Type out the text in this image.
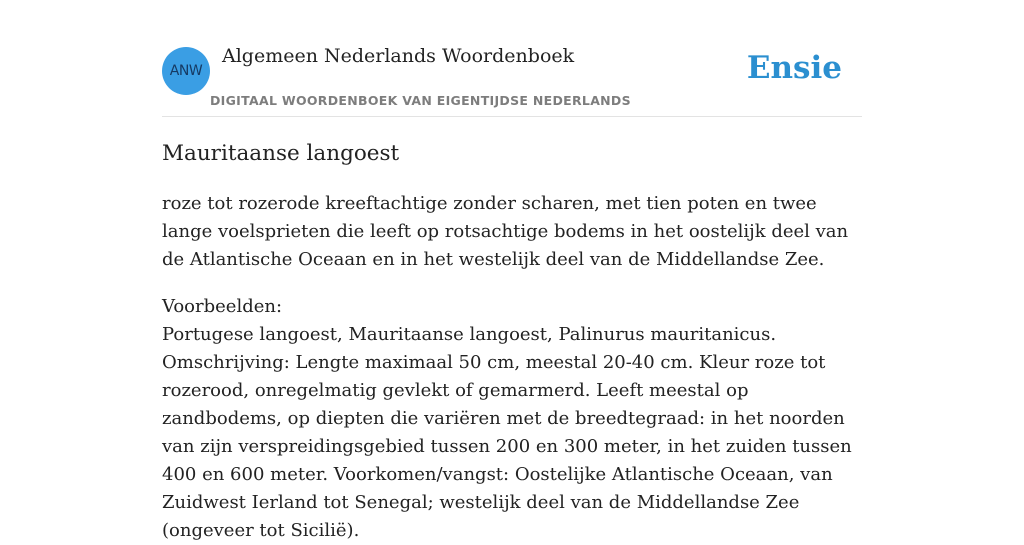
ANW
Algemeen Nederlands Woordenboek
DIGITAAL WOORDENBOEK VAN EIGENTIJDSE NEDERLANDS
Ensie
Mauritaanse langoest

roze tot rozerode kreeftachtige zonder scharen, met tien poten en twee lange voelsprieten die leeft op rotsachtige bodems in het oostelijk deel van de Atlantische Oceaan en in het westelijk deel van de Middellandse Zee.

Voorbeelden:
Portugese langoest, Mauritaanse langoest, Palinurus mauritanicus. Omschrijving: Lengte maximaal 50 cm, meestal 20-40 cm. Kleur roze tot rozerood, onregelmatig gevlekt of gemarmerd. Leeft meestal op zandbodems, op diepten die variëren met de breedtegraad: in het noorden van zijn verspreidingsgebied tussen 200 en 300 meter, in het zuiden tussen 400 en 600 meter. Voorkomen/vangst: Oostelijke Atlantische Oceaan, van Zuidwest Ierland tot Senegal; westelijk deel van de Middellandse Zee (ongeveer tot Sicilië).
